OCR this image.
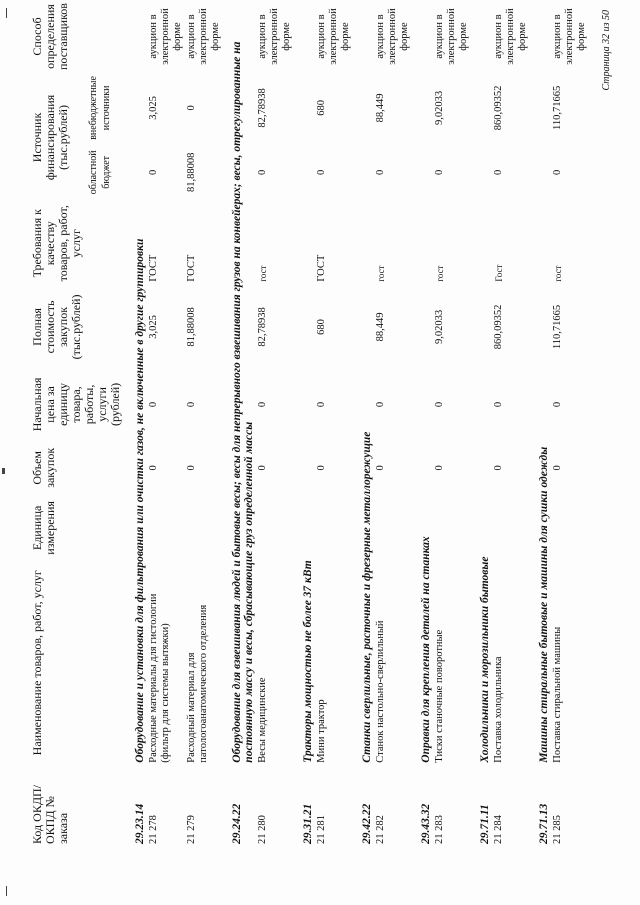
Код ОКДП/ ОКПД № заказа	Наименование товаров, работ, услуг	Единица измерения	Объем закупок	Начальная цена за единицу товара, работы, услуги (рублей)	Полная стоимость закупок (тыс.рублей)	Требования к качеству товаров, работ, услуг	Источник финансирования (тыс.рублей)		Способ определения поставщиков
							областной бюджет	внебюджетные источники	
29.23.14	Оборудование и установки для фильтрования или очистки газов, не включенные в другие группировки								
21 278	Расходные материалы для гистологии (фильтр для системы вытяжки)		0	0	3,025	ГОСТ	0	3,025	аукцион в электронной форме
21 279	Расходный материал для патологоанатомического отделения		0	0	81,88008	ГОСТ	81,88008	0	аукцион в электронной форме
29.24.22	Оборудование для взвешивания людей и бытовые весы; весы для непрерывного взвешивания грузов на конвейерах; весы, отрегулированные на постоянную массу и весы, сбрасывающие груз определенной массы								
21 280	Весы медицинские		0	0	82,78938	гост	0	82,78938	аукцион в электронной форме
29.31.21	Тракторы мощностью не более 37 кВт								
21 281	Мини трактор		0	0	680	ГОСТ	0	680	аукцион в электронной форме
29.42.22	Станки сверлильные, расточные и фрезерные металлорежущие								
21 282	Станок настольно-сверлильный		0	0	88,449	гост	0	88,449	аукцион в электронной форме
29.43.32	Оправки для крепления деталей на станках								
21 283	Тиски станочные поворотные		0	0	9,02033	гост	0	9,02033	аукцион в электронной форме
29.71.11	Холодильники и морозильники бытовые								
21 284	Поставка холодильника		0	0	860,09352	Гост	0	860,09352	аукцион в электронной форме
29.71.13	Машины стиральные бытовые и машины для сушки одежды								
21 285	Поставка стиральной машины		0	0	110,71665	гост	0	110,71665	аукцион в электронной форме Страница 32 из 50
